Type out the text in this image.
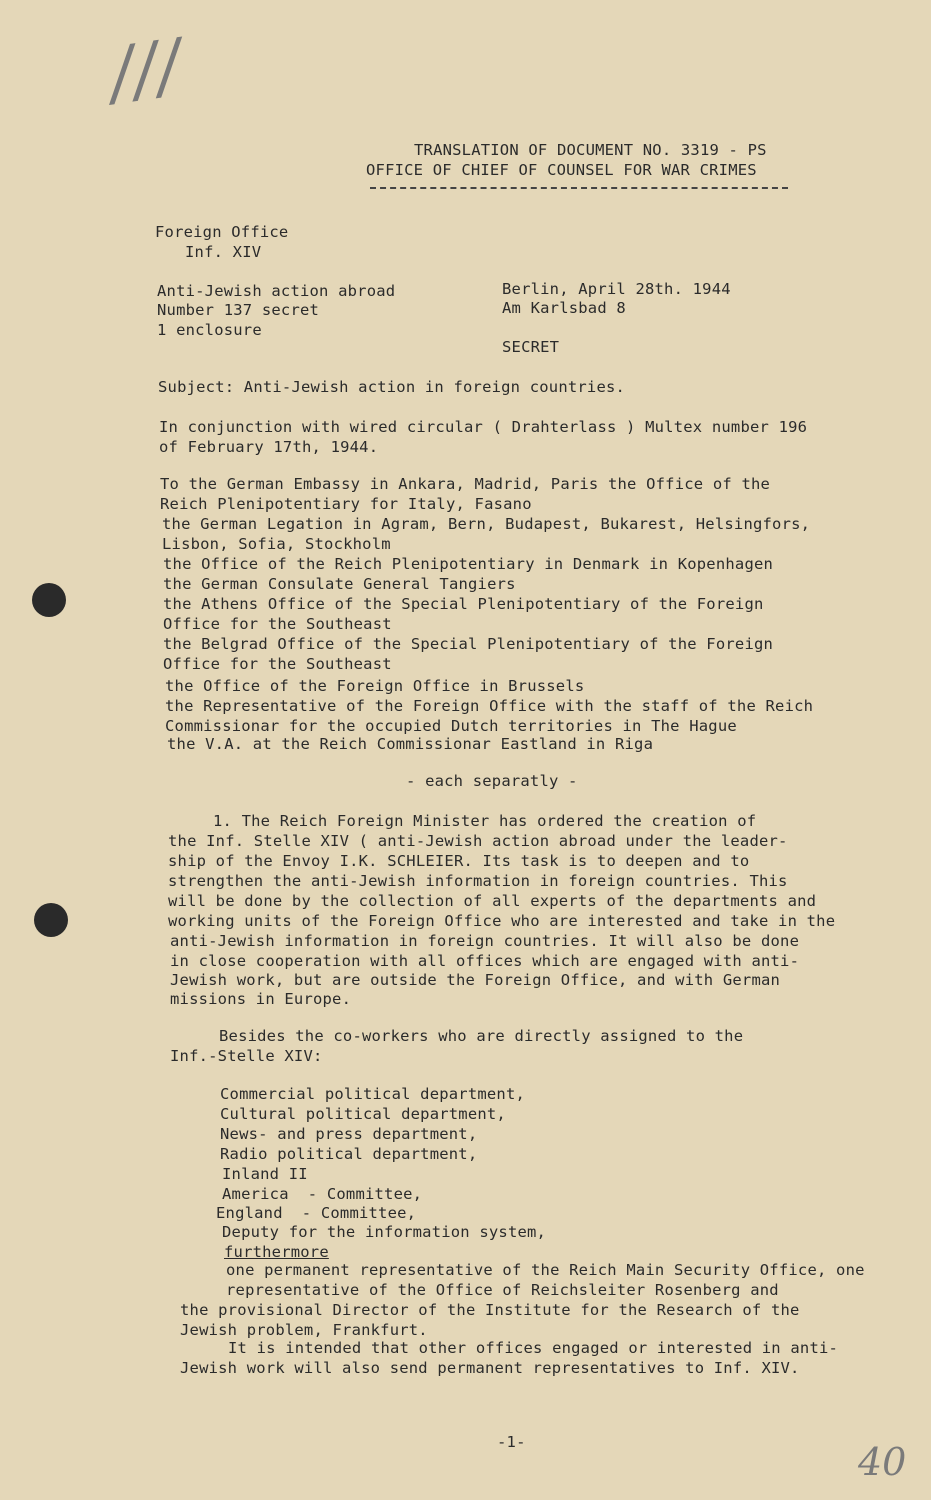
///
TRANSLATION OF DOCUMENT NO. 3319 - PS
OFFICE OF CHIEF OF COUNSEL FOR WAR CRIMES
Foreign Office
Inf. XIV
Anti-Jewish action abroad
Number 137 secret
1 enclosure
Berlin, April 28th. 1944
Am Karlsbad 8
SECRET
Subject: Anti-Jewish action in foreign countries.
In conjunction with wired circular ( Drahterlass ) Multex number 196
of February 17th, 1944.
To the German Embassy in Ankara, Madrid, Paris the Office of the
Reich Plenipotentiary for Italy, Fasano
the German Legation in Agram, Bern, Budapest, Bukarest, Helsingfors,
Lisbon, Sofia, Stockholm
the Office of the Reich Plenipotentiary in Denmark in Kopenhagen
the German Consulate General Tangiers
the Athens Office of the Special Plenipotentiary of the Foreign
Office for the Southeast
the Belgrad Office of the Special Plenipotentiary of the Foreign
Office for the Southeast
the Office of the Foreign Office in Brussels
the Representative of the Foreign Office with the staff of the Reich
Commissionar for the occupied Dutch territories in The Hague
the V.A. at the Reich Commissionar Eastland in Riga
- each separatly -
1. The Reich Foreign Minister has ordered the creation of
the Inf. Stelle XIV ( anti-Jewish action abroad under the leader-
ship of the Envoy I.K. SCHLEIER. Its task is to deepen and to
strengthen the anti-Jewish information in foreign countries. This
will be done by the collection of all experts of the departments and
working units of the Foreign Office who are interested and take in the
anti-Jewish information in foreign countries. It will also be done
in close cooperation with all offices which are engaged with anti-
Jewish work, but are outside the Foreign Office, and with German
missions in Europe.
Besides the co-workers who are directly assigned to the
Inf.-Stelle XIV:
Commercial political department,
Cultural political department,
News- and press department,
Radio political department,
Inland II
America  - Committee,
England  - Committee,
Deputy for the information system,
furthermore
one permanent representative of the Reich Main Security Office, one
representative of the Office of Reichsleiter Rosenberg and
the provisional Director of the Institute for the Research of the
Jewish problem, Frankfurt.
It is intended that other offices engaged or interested in anti-
Jewish work will also send permanent representatives to Inf. XIV.
-1-	40
